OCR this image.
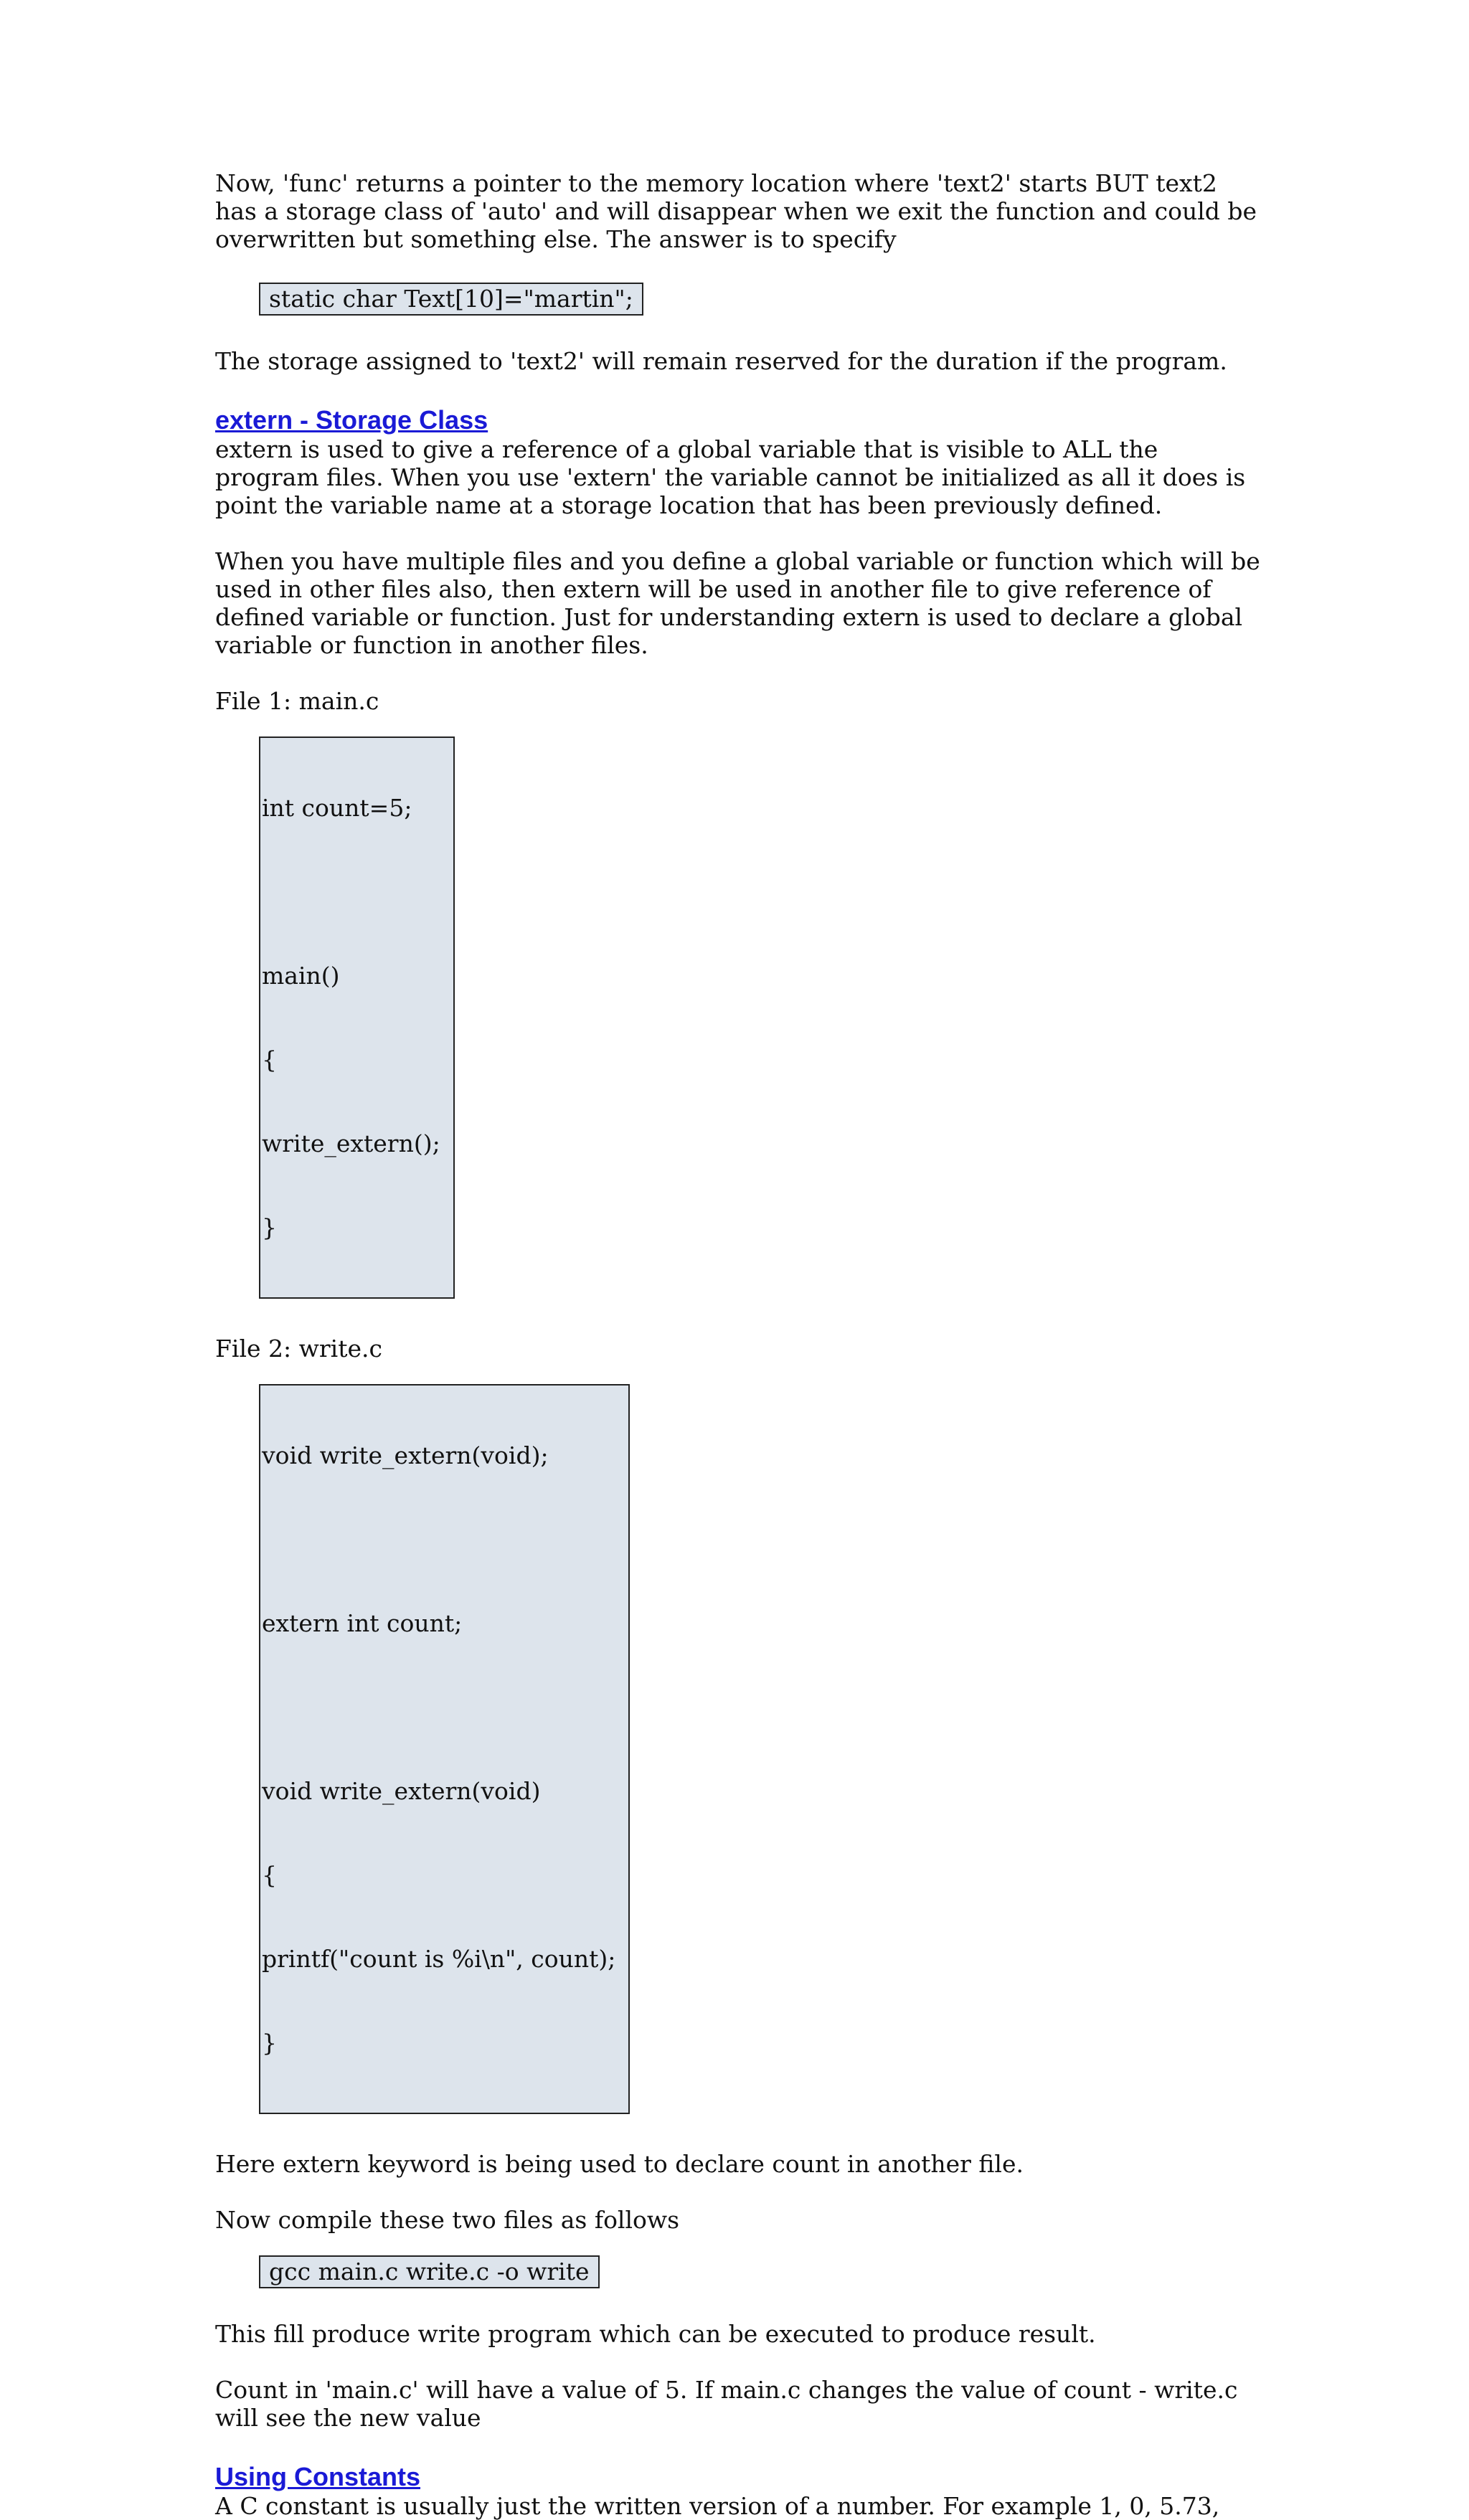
Now, 'func' returns a pointer to the memory location where 'text2' starts BUT text2 has a storage class of 'auto' and will disappear when we exit the function and could be overwritten but something else. The answer is to specify

static char Text[10]="martin";

The storage assigned to 'text2' will remain reserved for the duration if the program.

extern - Storage Class

extern is used to give a reference of a global variable that is visible to ALL the program files. When you use 'extern' the variable cannot be initialized as all it does is point the variable name at a storage location that has been previously defined.

When you have multiple files and you define a global variable or function which will be used in other files also, then extern will be used in another file to give reference of defined variable or function. Just for understanding extern is used to declare a global variable or function in another files.

File 1: main.c

int count=5;

main()

{

write_extern();

}

File 2: write.c

void write_extern(void);

extern int count;

void write_extern(void)

{

printf("count is %i\n", count);

}

Here extern keyword is being used to declare count in another file.

Now compile these two files as follows

gcc main.c write.c -o write

This fill produce write program which can be executed to produce result.

Count in 'main.c' will have a value of 5. If main.c changes the value of count - write.c will see the new value

Using Constants

A C constant is usually just the written version of a number. For example 1, 0, 5.73,
